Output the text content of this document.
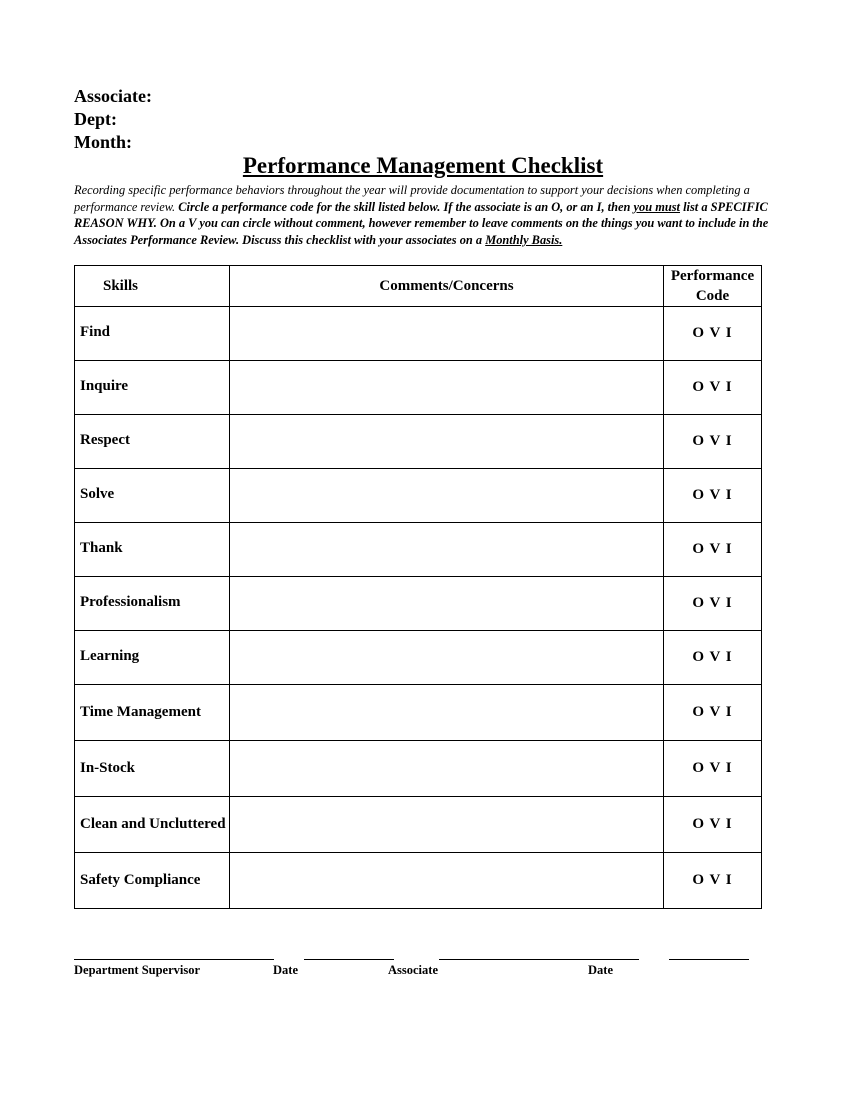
Associate:
Dept:
Month:
Performance Management Checklist
Recording specific performance behaviors throughout the year will provide documentation to support your decisions when completing a performance review. Circle a performance code for the skill listed below. If the associate is an O, or an I, then you must list a SPECIFIC REASON WHY. On a V you can circle without comment, however remember to leave comments on the things you want to include in the Associates Performance Review. Discuss this checklist with your associates on a Monthly Basis.
Skills	Comments/Concerns	Performance Code
Find		O V I
Inquire		O V I
Respect		O V I
Solve		O V I
Thank		O V I
Professionalism		O V I
Learning		O V I
Time Management		O V I
In-Stock		O V I
Clean and Uncluttered		O V I
Safety Compliance		O V I
Department Supervisor	Date	Associate	Date
